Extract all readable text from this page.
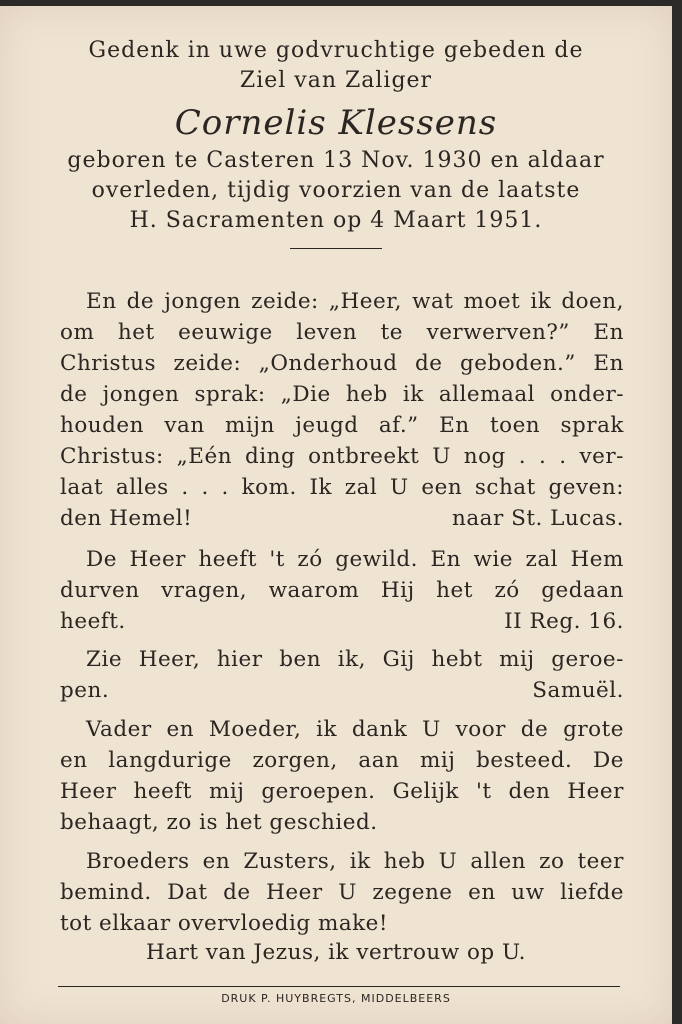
Gedenk in uwe godvruchtige gebeden de
Ziel van Zaliger
Cornelis Klessens
geboren te Casteren 13 Nov. 1930 en aldaar
overleden, tijdig voorzien van de laatste
H. Sacramenten op 4 Maart 1951.
En de jongen zeide: „Heer, wat moet ik doen,
om het eeuwige leven te verwerven?” En
Christus zeide: „Onderhoud de geboden.” En
de jongen sprak: „Die heb ik allemaal onder-
houden van mijn jeugd af.” En toen sprak
Christus: „Eén ding ontbreekt U nog . . . ver-
laat alles . . . kom. Ik zal U een schat geven:
den Hemel!	naar St. Lucas.
De Heer heeft 't zó gewild. En wie zal Hem
durven vragen, waarom Hij het zó gedaan
heeft.	II Reg. 16.
Zie Heer, hier ben ik, Gij hebt mij geroe-
pen.	Samuël.
Vader en Moeder, ik dank U voor de grote
en langdurige zorgen, aan mij besteed. De
Heer heeft mij geroepen. Gelijk 't den Heer
behaagt, zo is het geschied.
Broeders en Zusters, ik heb U allen zo teer
bemind. Dat de Heer U zegene en uw liefde
tot elkaar overvloedig make!
Hart van Jezus, ik vertrouw op U.
DRUK P. HUYBREGTS, MIDDELBEERS
